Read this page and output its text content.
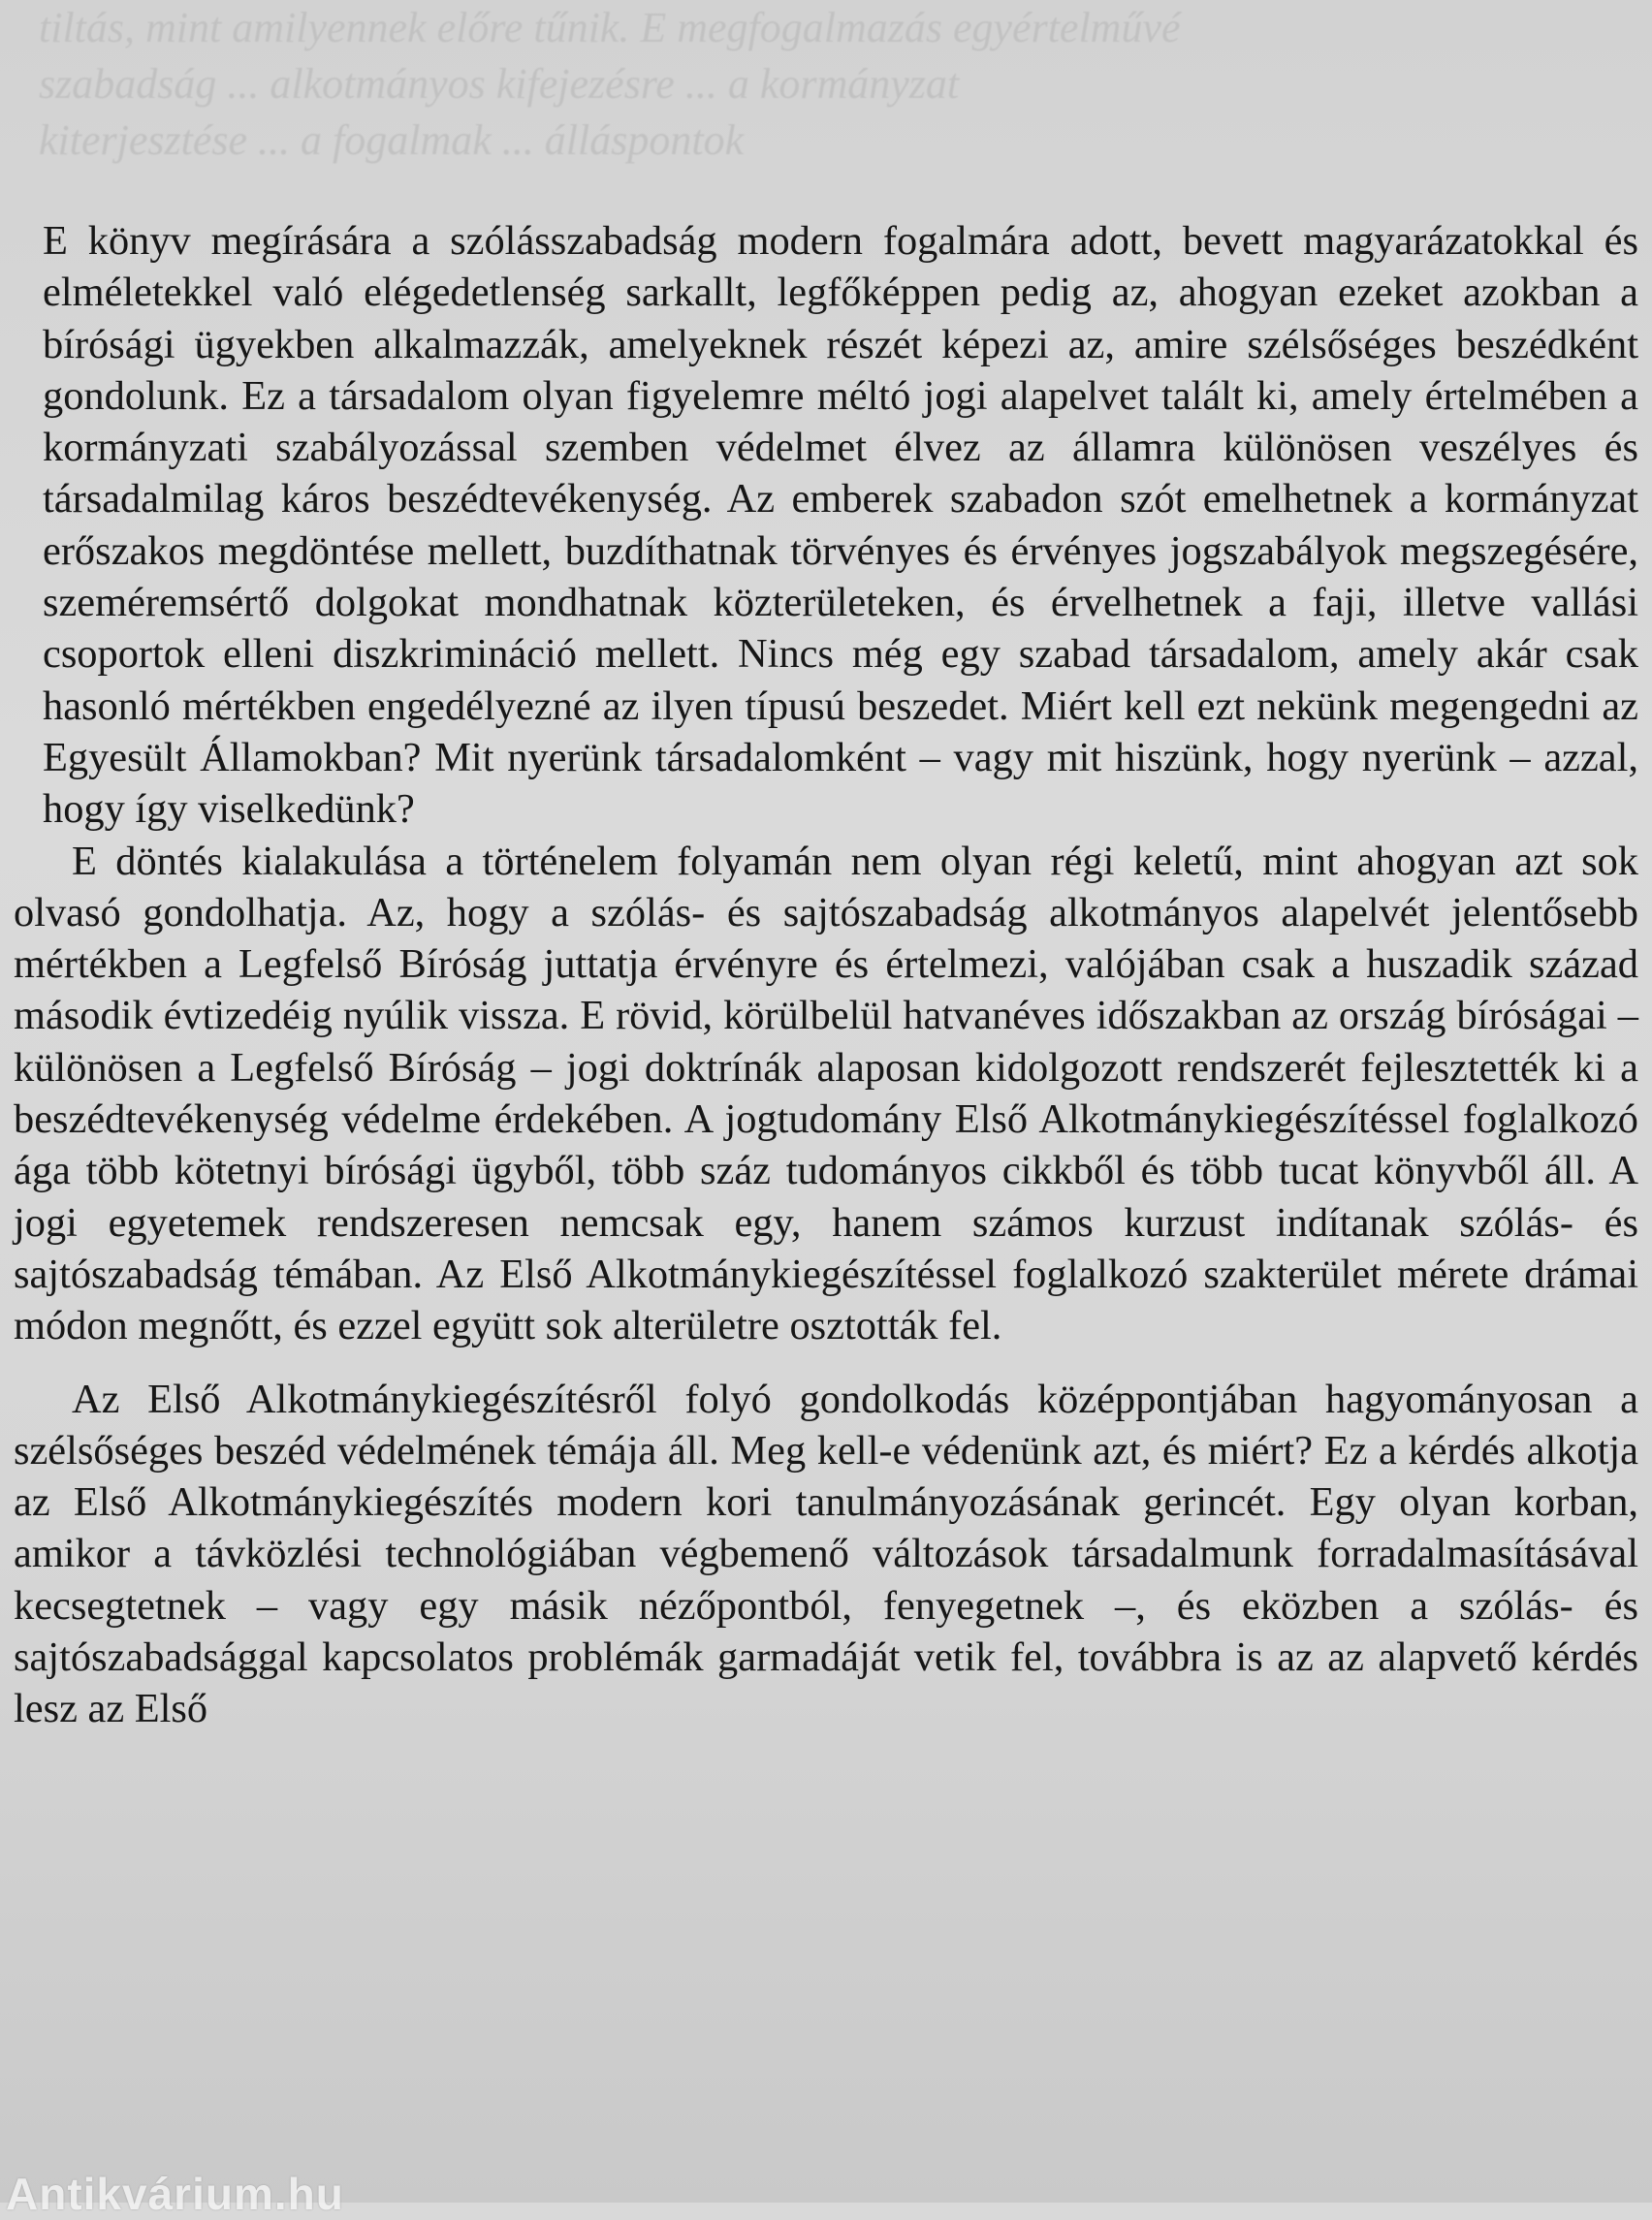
tiltás, mint amilyennek előre tűnik. E megfogalmazás egyértelművé

szabadság ... alkotmányos kifejezésre ... a kormányzat

kiterjesztése ... a fogalmak ... álláspontok

E könyv megírására a szólásszabadság modern fogalmára adott, bevett magyarázatokkal és elméletekkel való elégedetlenség sarkallt, legfőképpen pedig az, ahogyan ezeket azokban a bírósági ügyekben alkalmazzák, amelyeknek részét képezi az, amire szélsőséges beszédként gondolunk. Ez a társadalom olyan figyelemre méltó jogi alapelvet talált ki, amely értelmében a kormányzati szabályozással szemben védelmet élvez az államra különösen veszélyes és társadalmilag káros beszédtevékenység. Az emberek szabadon szót emelhetnek a kormányzat erőszakos megdöntése mellett, buzdíthatnak törvényes és érvényes jogszabályok megszegésére, szeméremsértő dolgokat mondhatnak közterületeken, és érvelhetnek a faji, illetve vallási csoportok elleni diszkrimináció mellett. Nincs még egy szabad társadalom, amely akár csak hasonló mértékben engedélyezné az ilyen típusú beszedet. Miért kell ezt nekünk megengedni az Egyesült Államokban? Mit nyerünk társadalomként – vagy mit hiszünk, hogy nyerünk – azzal, hogy így viselkedünk?

E döntés kialakulása a történelem folyamán nem olyan régi keletű, mint ahogyan azt sok olvasó gondolhatja. Az, hogy a szólás- és sajtószabadság alkotmányos alapelvét jelentősebb mértékben a Legfelső Bíróság juttatja érvényre és értelmezi, valójában csak a huszadik század második évtizedéig nyúlik vissza. E rövid, körülbelül hatvanéves időszakban az ország bíróságai – különösen a Legfelső Bíróság – jogi doktrínák alaposan kidolgozott rendszerét fejlesztették ki a beszédtevékenység védelme érdekében. A jogtudomány Első Alkotmánykiegészítéssel foglalkozó ága több kötetnyi bírósági ügyből, több száz tudományos cikkből és több tucat könyvből áll. A jogi egyetemek rendszeresen nemcsak egy, hanem számos kurzust indítanak szólás- és sajtószabadság témában. Az Első Alkotmánykiegészítéssel foglalkozó szakterület mérete drámai módon megnőtt, és ezzel együtt sok alterületre osztották fel.

Az Első Alkotmánykiegészítésről folyó gondolkodás középpontjában hagyományosan a szélsőséges beszéd védelmének témája áll. Meg kell-e védenünk azt, és miért? Ez a kérdés alkotja az Első Alkotmánykiegészítés modern kori tanulmányozásának gerincét. Egy olyan korban, amikor a távközlési technológiában végbemenő változások társadalmunk forradalmasításával kecsegtetnek – vagy egy másik nézőpontból, fenyegetnek –, és eközben a szólás- és sajtószabadsággal kapcsolatos problémák garmadáját vetik fel, továbbra is az az alapvető kérdés lesz az Első

Antikvárium.hu
